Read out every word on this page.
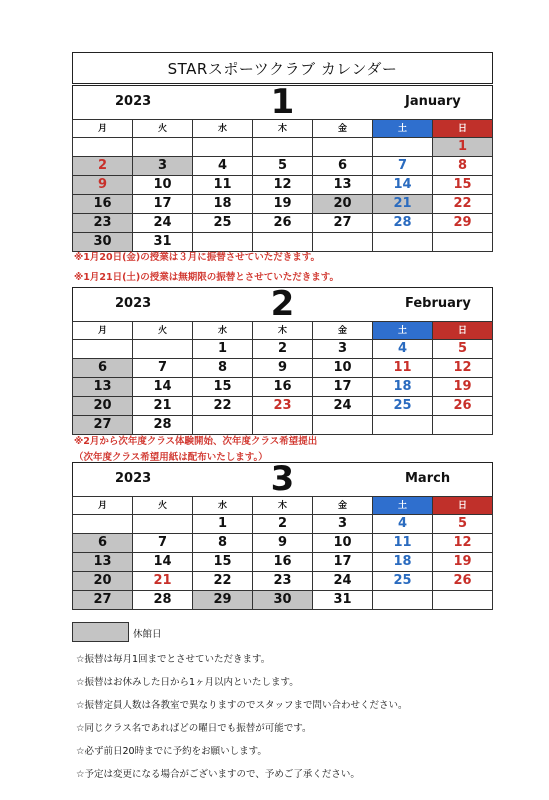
STARスポーツクラブ カレンダー
2023	1	January
月	火	水	木	金	土	日
						1
2	3	4	5	6	7	8
9	10	11	12	13	14	15
16	17	18	19	20	21	22
23	24	25	26	27	28	29
30	31					
※1月20日(金)の授業は３月に振替させていただきます。
※1月21日(土)の授業は無期限の振替とさせていただきます。
2023	2	February
月	火	水	木	金	土	日
		1	2	3	4	5
6	7	8	9	10	11	12
13	14	15	16	17	18	19
20	21	22	23	24	25	26
27	28					
※2月から次年度クラス体験開始、次年度クラス希望提出
（次年度クラス希望用紙は配布いたします。）
2023	3	March
月	火	水	木	金	土	日
		1	2	3	4	5
6	7	8	9	10	11	12
13	14	15	16	17	18	19
20	21	22	23	24	25	26
27	28	29	30	31		
休館日
☆振替は毎月1回までとさせていただきます。
☆振替はお休みした日から1ヶ月以内といたします。
☆振替定員人数は各教室で異なりますのでスタッフまで問い合わせください。
☆同じクラス名であればどの曜日でも振替が可能です。
☆必ず前日20時までに予約をお願いします。
☆予定は変更になる場合がございますので、予めご了承ください。
